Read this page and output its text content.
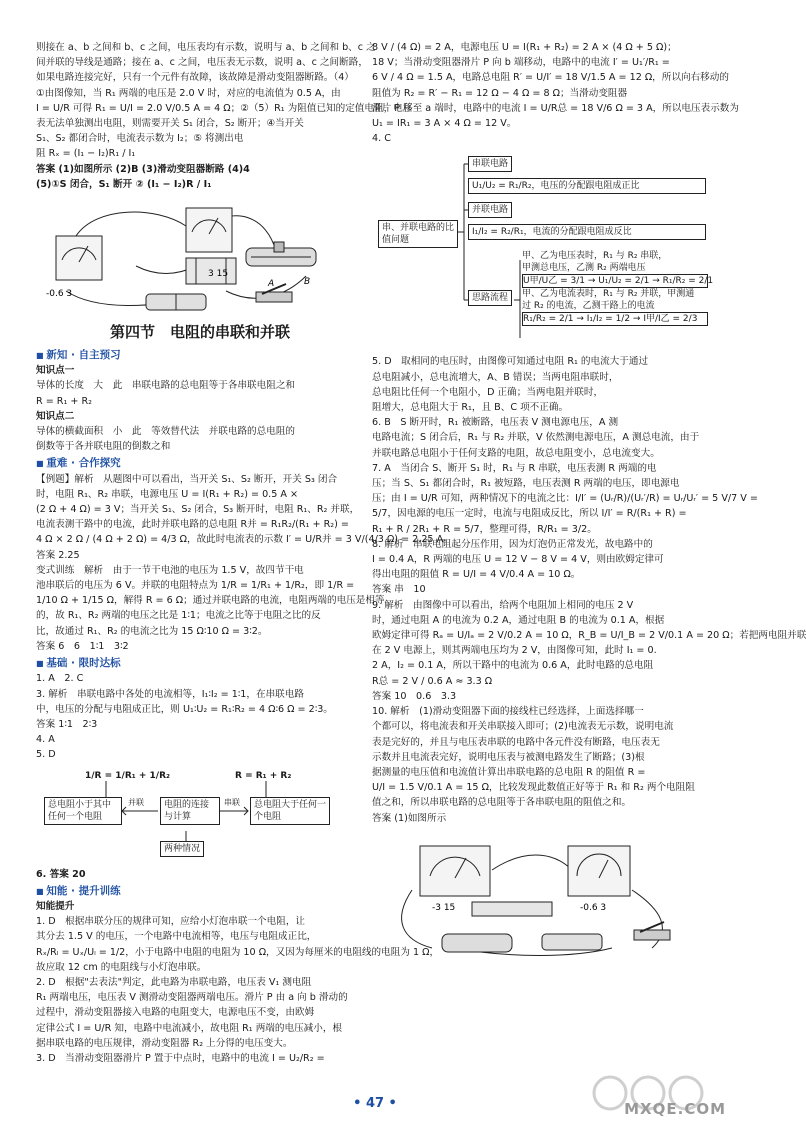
则接在 a、b 之间和 b、c 之间，电压表均有示数，说明与 a、b 之间和 b、c 之
间并联的导线是通路；接在 a、c 之间，电压表无示数，说明 a、c 之间断路，
如果电路连接完好，只有一个元件有故障，该故障是滑动变阻器断路。（4）
①由图像知，当 R₁ 两端的电压是 2.0 V 时，对应的电流值为 0.5 A，由
I = U/R 可得 R₁ = U/I = 2.0 V/0.5 A = 4 Ω；②（5）R₁ 为阻值已知的定值电阻，电压
表无法单独测出电阻，则需要开关 S₁ 闭合，S₂ 断开；④当开关
S₁、S₂ 都闭合时，电流表示数为 I₂；⑤ 将测出电
阻 Rₓ = (I₁ − I₂)R₁ / I₁
答案 (1)如图所示 (2)B (3)滑动变阻器断路 (4)4
(5)①S 闭合，S₁ 断开 ② (I₁ − I₂)R / I₁
3 15
-0.6 3
A	B
第四节　电阻的串联和并联
■ 新知 · 自主预习
知识点一
导体的长度　大　此　串联电路的总电阻等于各串联电阻之和
R = R₁ + R₂
知识点二
导体的横截面积　小　此　等效替代法　并联电路的总电阻的
倒数等于各并联电阻的倒数之和
■ 重难 · 合作探究
【例题】解析　从题图中可以看出，当开关 S₁、S₂ 断开，开关 S₃ 闭合
时，电阻 R₁、R₂ 串联，电源电压 U = I(R₁ + R₂) = 0.5 A ×
(2 Ω + 4 Ω) = 3 V；当开关 S₁、S₂ 闭合，S₃ 断开时，电阻 R₁、R₂ 并联，
电流表测干路中的电流，此时并联电路的总电阻 R并 = R₁R₂/(R₁ + R₂) =
4 Ω × 2 Ω / (4 Ω + 2 Ω) = 4/3 Ω，故此时电流表的示数 I′ = U/R并 = 3 V/(4/3 Ω) = 2.25 A。
答案 2.25
变式训练　解析　由于一节干电池的电压为 1.5 V，故四节干电
池串联后的电压为 6 V。并联的电阻特点为 1/R = 1/R₁ + 1/R₂，即 1/R =
1/10 Ω + 1/15 Ω，解得 R = 6 Ω；通过并联电路的电流，电阻两端的电压是相等
的，故 R₁、R₂ 两端的电压之比是 1∶1；电流之比等于电阻之比的反
比，故通过 R₁、R₂ 的电流之比为 15 Ω∶10 Ω = 3∶2。
答案 6　6　1∶1　3∶2
■ 基础 · 限时达标
1. A　2. C
3. 解析　串联电路中各处的电流相等，I₁∶I₂ = 1∶1，在串联电路
中，电压的分配与电阻成正比，则 U₁∶U₂ = R₁∶R₂ = 4 Ω∶6 Ω = 2∶3。
答案 1∶1　2∶3
4. A
5. D
1/R = 1/R₁ + 1/R₂	R = R₁ + R₂
总电阻小于其中任何一个电阻
电阻的连接与计算
总电阻大于任何一个电阻
两种情况
并联	串联
6. 答案 20
■ 知能 · 提升训练
知能提升
1. D　根据串联分压的规律可知，应给小灯泡串联一个电阻，让
其分去 1.5 V 的电压，一个电路中电流相等，电压与电阻成正比，
Rₓ/Rₗ = Uₓ/Uₗ = 1/2，小于电路中电阻的电阻为 10 Ω，又因为每厘米的电阻线的电阻为 1 Ω，
故应取 12 cm 的电阻线与小灯泡串联。
2. D　根据"去表法"判定，此电路为串联电路，电压表 V₁ 测电阻
R₁ 两端电压，电压表 V 测滑动变阻器两端电压。滑片 P 由 a 向 b 滑动的
过程中，滑动变阻器接入电路的电阻变大，电源电压不变，由欧姆
定律公式 I = U/R 知，电路中电流减小，故电阻 R₁ 两端的电压减小，根
据串联电路的电压规律，滑动变阻器 R₂ 上分得的电压变大。
3. D　当滑动变阻器滑片 P 置于中点时，电路中的电流 I = U₂/R₂ =
8 V / (4 Ω) = 2 A，电源电压 U = I(R₁ + R₂) = 2 A × (4 Ω + 5 Ω)；
18 V；当滑动变阻器滑片 P 向 b 端移动，电路中的电流 I′ = U₁′/R₁ =
6 V / 4 Ω = 1.5 A，电路总电阻 R′ = U/I′ = 18 V/1.5 A = 12 Ω，所以向右移动的
阻值为 R₂ = R′ − R₁ = 12 Ω − 4 Ω = 8 Ω；当滑动变阻器
滑片 P 移至 a 端时，电路中的电流 I = U/R总 = 18 V/6 Ω = 3 A，所以电压表示数为
U₁ = IR₁ = 3 A × 4 Ω = 12 V。
4. C
串、并联电路的比值问题
串联电路
U₁/U₂ = R₁/R₂，电压的分配跟电阻成正比
并联电路
I₁/I₂ = R₂/R₁，电流的分配跟电阻成反比
思路流程
甲、乙为电压表时，R₁ 与 R₂ 串联，
甲测总电压，乙测 R₂ 两端电压
U甲/U乙 = 3/1 → U₁/U₂ = 2/1 → R₁/R₂ = 2/1
甲、乙为电流表时，R₁ 与 R₂ 并联，甲测通
过 R₂ 的电流，乙测干路上的电流
R₁/R₂ = 2/1 → I₁/I₂ = 1/2 → I甲/I乙 = 2/3
5. D　取相同的电压时，由图像可知通过电阻 R₁ 的电流大于通过
总电阻减小，总电流增大，A、B 错误；当两电阻串联时，
总电阻比任何一个电阻小，D 正确；当两电阻并联时，
阻增大，总电阻大于 R₁，且 B、C 项不正确。
6. B　S 断开时，R₁ 被断路，电压表 V 测电源电压，A 测
电路电流；S 闭合后，R₁ 与 R₂ 并联，V 依然测电源电压，A 测总电流，由于
并联电路总电阻小于任何支路的电阻，故总电阻变小，总电流变大。
7. A　当闭合 S、断开 S₁ 时，R₁ 与 R 串联，电压表测 R 两端的电
压；当 S、S₁ 都闭合时，R₁ 被短路，电压表测 R 两端的电压，即电源电
压；由 I = U/R 可知，两种情况下的电流之比：I/I′ = (Uᵣ/R)/(Uᵣ′/R) = Uᵣ/Uᵣ′ = 5 V/7 V =
5/7，因电源的电压一定时，电流与电阻成反比，所以 I/I′ = R/(R₁ + R) =
R₁ + R / 2R₁ + R = 5/7，整理可得，R/R₁ = 3/2。
8. 解析　串联电阻起分压作用，因为灯泡仍正常发光，故电路中的
I = 0.4 A，R 两端的电压 U = 12 V − 8 V = 4 V，则由欧姆定律可
得出电阻的阻值 R = U/I = 4 V/0.4 A = 10 Ω。
答案 串　10
9. 解析　由图像中可以看出，给两个电阻加上相同的电压 2 V
时，通过电阻 A 的电流为 0.2 A，通过电阻 B 的电流为 0.1 A，根据
欧姆定律可得 Rₐ = U/Iₐ = 2 V/0.2 A = 10 Ω，R_B = U/I_B = 2 V/0.1 A = 20 Ω；若把两电阻并联
在 2 V 电源上，则其两端电压均为 2 V，由图像可知，此时 I₁ = 0.
2 A，I₂ = 0.1 A，所以干路中的电流为 0.6 A，此时电路的总电阻
R总 = 2 V / 0.6 A ≈ 3.3 Ω
答案 10　0.6　3.3
10. 解析　(1)滑动变阻器下面的接线柱已经选择，上面选择哪一
个都可以，将电流表和开关串联接入即可；(2)电流表无示数，说明电流
表是完好的，并且与电压表串联的电路中各元件没有断路，电压表无
示数并且电流表完好，说明电压表与被测电路发生了断路；(3)根
据测量的电压值和电流值计算出串联电路的总电阻 R 的阻值 R =
U/I = 1.5 V/0.1 A = 15 Ω，比较发现此数值正好等于 R₁ 和 R₂ 两个电阻阻
值之和，所以串联电路的总电阻等于各串联电阻的阻值之和。
答案 (1)如图所示
-3 15	-0.6 3
• 47 •	MXQE.COM
